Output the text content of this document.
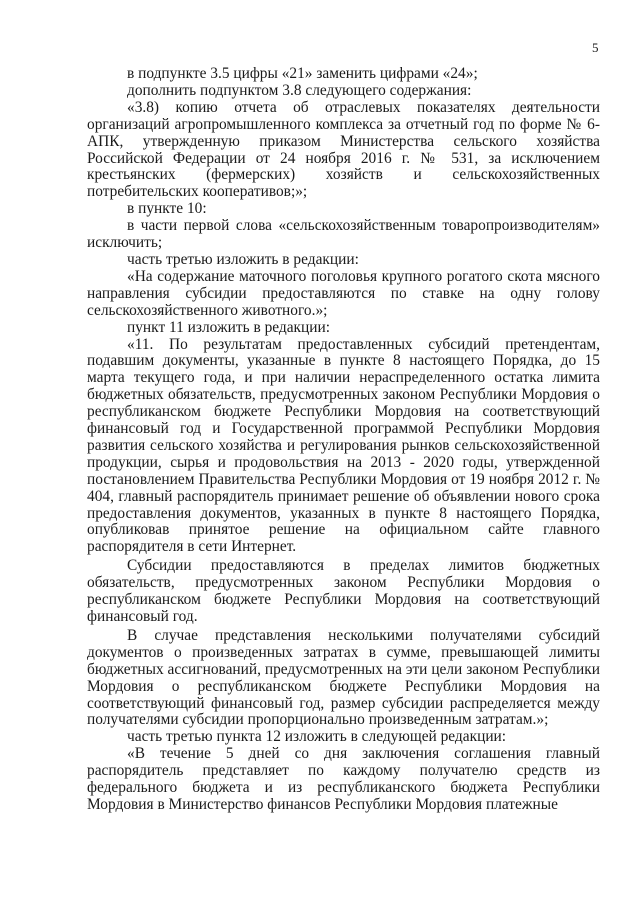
5

в подпункте 3.5 цифры «21» заменить цифрами «24»;

дополнить подпунктом 3.8 следующего содержания:

«3.8) копию отчета об отраслевых показателях деятельности организаций агропромышленного комплекса за отчетный год по форме № 6-АПК, утвержденную приказом Министерства сельского хозяйства Российской Федерации от 24 ноября 2016 г. № 531, за исключением крестьянских (фермерских) хозяйств и сельскохозяйственных потребительских кооперативов;»;

в пункте 10:

в части первой слова «сельскохозяйственным товаропроизводителям» исключить;

часть третью изложить в редакции:

«На содержание маточного поголовья крупного рогатого скота мясного направления субсидии предоставляются по ставке на одну голову сельскохозяйственного животного.»;

пункт 11 изложить в редакции:

«11. По результатам предоставленных субсидий претендентам, подавшим документы, указанные в пункте 8 настоящего Порядка, до 15 марта текущего года, и при наличии нераспределенного остатка лимита бюджетных обязательств, предусмотренных законом Республики Мордовия о республиканском бюджете Республики Мордовия на соответствующий финансовый год и Государственной программой Республики Мордовия развития сельского хозяйства и регулирования рынков сельскохозяйственной продукции, сырья и продовольствия на 2013 - 2020 годы, утвержденной постановлением Правительства Республики Мордовия от 19 ноября 2012 г. № 404, главный распорядитель принимает решение об объявлении нового срока предоставления документов, указанных в пункте 8 настоящего Порядка, опубликовав принятое решение на официальном сайте главного распорядителя в сети Интернет.

Субсидии предоставляются в пределах лимитов бюджетных обязательств, предусмотренных законом Республики Мордовия о республиканском бюджете Республики Мордовия на соответствующий финансовый год.

В случае представления несколькими получателями субсидий документов о произведенных затратах в сумме, превышающей лимиты бюджетных ассигнований, предусмотренных на эти цели законом Республики Мордовия о республиканском бюджете Республики Мордовия на соответствующий финансовый год, размер субсидии распределяется между получателями субсидии пропорционально произведенным затратам.»;

часть третью пункта 12 изложить в следующей редакции:

«В течение 5 дней со дня заключения соглашения главный распорядитель представляет по каждому получателю средств из федерального бюджета и из республиканского бюджета Республики Мордовия в Министерство финансов Республики Мордовия платежные
